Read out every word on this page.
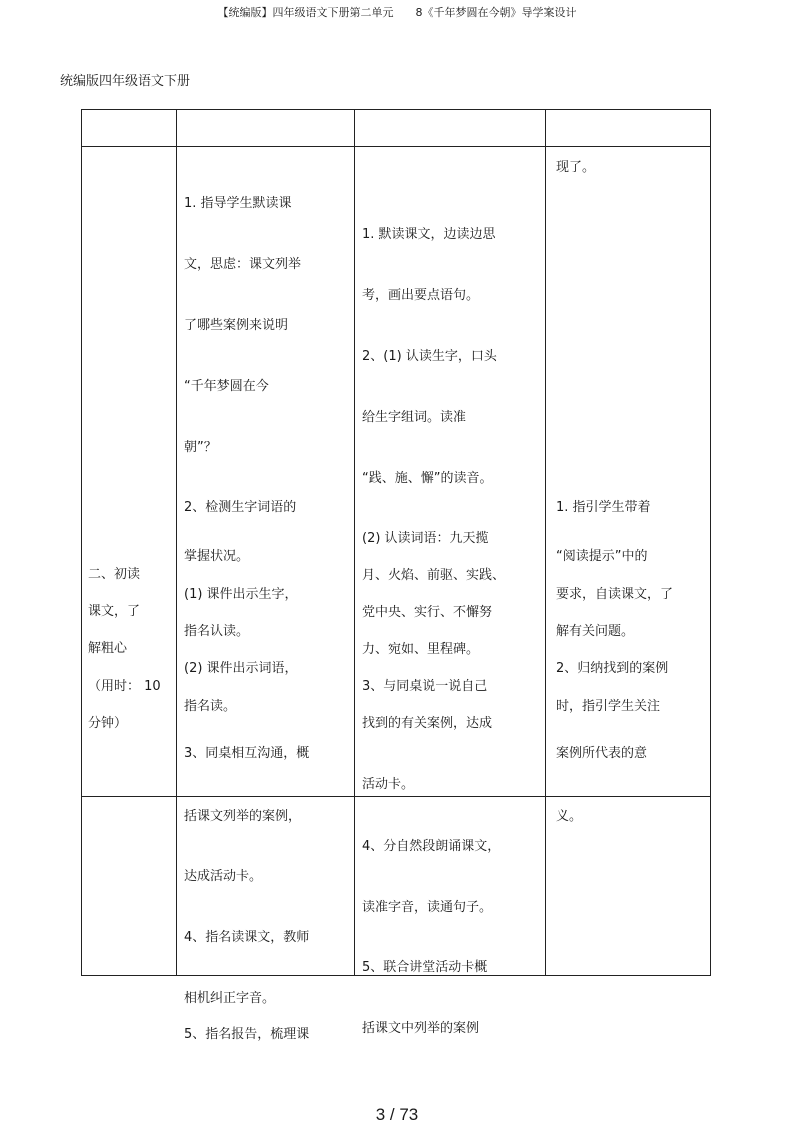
【统编版】四年级语文下册第二单元　　8《千年梦圆在今朝》导学案设计
统编版四年级语文下册
二、初读
课文，了
解粗心
（用时： 10
分钟）
1. 指导学生默读课
文，思虑：课文列举
了哪些案例来说明
“千年梦圆在今
朝”？
2、检测生字词语的
掌握状况。
(1) 课件出示生字，
指名认读。
(2) 课件出示词语，
指名读。
3、同桌相互沟通，概
1. 默读课文，边读边思
考，画出要点语句。
2、(1) 认读生字，口头
给生字组词。读准
“践、施、懈”的读音。
(2) 认读词语：九天揽
月、火焰、前驱、实践、
党中央、实行、不懈努
力、宛如、里程碑。
3、与同桌说一说自己
找到的有关案例，达成
活动卡。
现了。
1. 指引学生带着
“阅读提示”中的
要求，自读课文，了
解有关问题。
2、归纳找到的案例
时，指引学生关注
案例所代表的意
括课文列举的案例，
达成活动卡。
4、指名读课文，教师
4、分自然段朗诵课文，
读准字音，读通句子。
5、联合讲堂活动卡概
义。
相机纠正字音。
5、指名报告，梳理课	括课文中列举的案例
3 / 73
